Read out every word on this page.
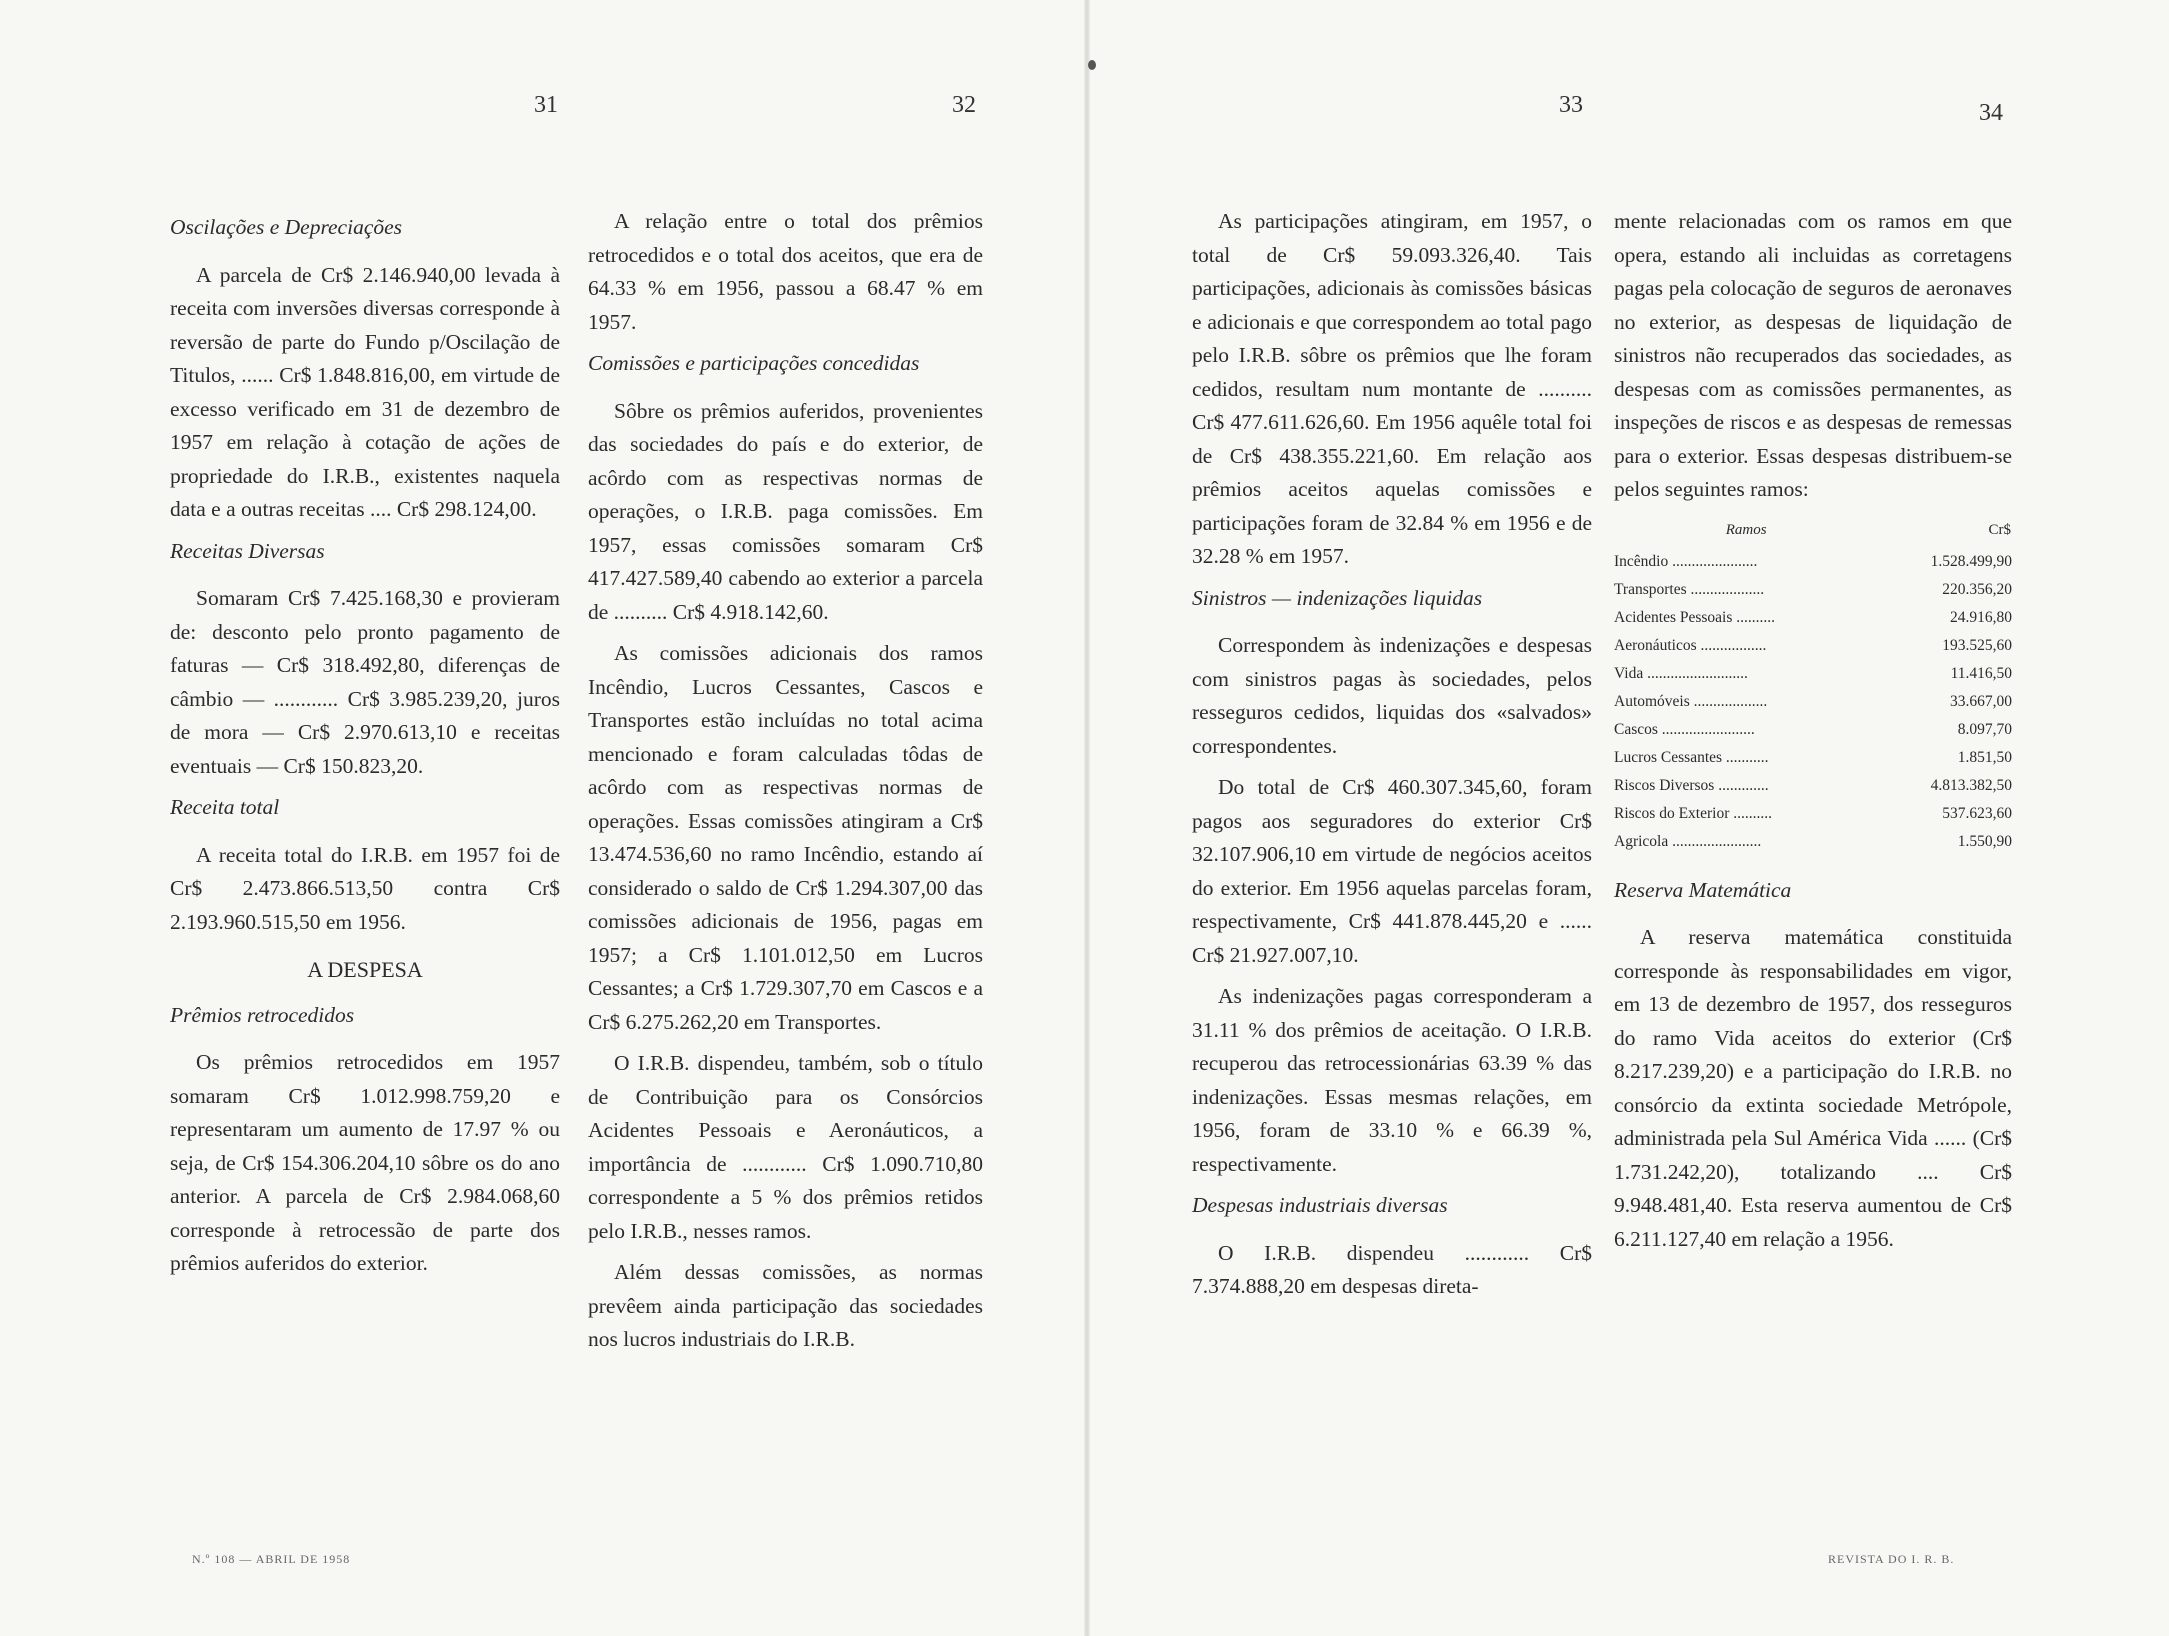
31	32	33	34
Oscilações e Depreciações

A parcela de Cr$ 2.146.940,00 levada à receita com inversões diversas corresponde à reversão de parte do Fundo p/Oscilação de Titulos, ...... Cr$ 1.848.816,00, em virtude de excesso verificado em 31 de dezembro de 1957 em relação à cotação de ações de propriedade do I.R.B., existentes naquela data e a outras receitas .... Cr$ 298.124,00.

Receitas Diversas

Somaram Cr$ 7.425.168,30 e provieram de: desconto pelo pronto pagamento de faturas — Cr$ 318.492,80, diferenças de câmbio — ............ Cr$ 3.985.239,20, juros de mora — Cr$ 2.970.613,10 e receitas eventuais — Cr$ 150.823,20.

Receita total

A receita total do I.R.B. em 1957 foi de Cr$ 2.473.866.513,50 contra Cr$ 2.193.960.515,50 em 1956.

A DESPESA
Prêmios retrocedidos

Os prêmios retrocedidos em 1957 somaram Cr$ 1.012.998.759,20 e representaram um aumento de 17.97 % ou seja, de Cr$ 154.306.204,10 sôbre os do ano anterior. A parcela de Cr$ 2.984.068,60 corresponde à retrocessão de parte dos prêmios auferidos do exterior.

A relação entre o total dos prêmios retrocedidos e o total dos aceitos, que era de 64.33 % em 1956, passou a 68.47 % em 1957.

Comissões e participações concedidas

Sôbre os prêmios auferidos, provenientes das sociedades do país e do exterior, de acôrdo com as respectivas normas de operações, o I.R.B. paga comissões. Em 1957, essas comissões somaram Cr$ 417.427.589,40 cabendo ao exterior a parcela de .......... Cr$ 4.918.142,60.

As comissões adicionais dos ramos Incêndio, Lucros Cessantes, Cascos e Transportes estão incluídas no total acima mencionado e foram calculadas tôdas de acôrdo com as respectivas normas de operações. Essas comissões atingiram a Cr$ 13.474.536,60 no ramo Incêndio, estando aí considerado o saldo de Cr$ 1.294.307,00 das comissões adicionais de 1956, pagas em 1957; a Cr$ 1.101.012,50 em Lucros Cessantes; a Cr$ 1.729.307,70 em Cascos e a Cr$ 6.275.262,20 em Transportes.

O I.R.B. dispendeu, também, sob o título de Contribuição para os Consórcios Acidentes Pessoais e Aeronáuticos, a importância de ............ Cr$ 1.090.710,80 correspondente a 5 % dos prêmios retidos pelo I.R.B., nesses ramos.

Além dessas comissões, as normas prevêem ainda participação das sociedades nos lucros industriais do I.R.B.

As participações atingiram, em 1957, o total de Cr$ 59.093.326,40. Tais participações, adicionais às comissões básicas e adicionais e que correspondem ao total pago pelo I.R.B. sôbre os prêmios que lhe foram cedidos, resultam num montante de .......... Cr$ 477.611.626,60. Em 1956 aquêle total foi de Cr$ 438.355.221,60. Em relação aos prêmios aceitos aquelas comissões e participações foram de 32.84 % em 1956 e de 32.28 % em 1957.

Sinistros — indenizações liquidas

Correspondem às indenizações e despesas com sinistros pagas às sociedades, pelos resseguros cedidos, liquidas dos «salvados» correspondentes.

Do total de Cr$ 460.307.345,60, foram pagos aos seguradores do exterior Cr$ 32.107.906,10 em virtude de negócios aceitos do exterior. Em 1956 aquelas parcelas foram, respectivamente, Cr$ 441.878.445,20 e ...... Cr$ 21.927.007,10.

As indenizações pagas corresponderam a 31.11 % dos prêmios de aceitação. O I.R.B. recuperou das retrocessionárias 63.39 % das indenizações. Essas mesmas relações, em 1956, foram de 33.10 % e 66.39 %, respectivamente.

Despesas industriais diversas

O I.R.B. dispendeu ............ Cr$ 7.374.888,20 em despesas direta-

mente relacionadas com os ramos em que opera, estando ali incluidas as corretagens pagas pela colocação de seguros de aeronaves no exterior, as despesas de liquidação de sinistros não recuperados das sociedades, as despesas com as comissões permanentes, as inspeções de riscos e as despesas de remessas para o exterior. Essas despesas distribuem-se pelos seguintes ramos:

Ramos	Cr$
Incêndio ......................	1.528.499,90
Transportes ...................	220.356,20
Acidentes Pessoais ..........	24.916,80
Aeronáuticos .................	193.525,60
Vida ..........................	11.416,50
Automóveis ...................	33.667,00
Cascos ........................	8.097,70
Lucros Cessantes ...........	1.851,50
Riscos Diversos .............	4.813.382,50
Riscos do Exterior ..........	537.623,60
Agricola .......................	1.550,90
Reserva Matemática

A reserva matemática constituida corresponde às responsabilidades em vigor, em 13 de dezembro de 1957, dos resseguros do ramo Vida aceitos do exterior (Cr$ 8.217.239,20) e a participação do I.R.B. no consórcio da extinta sociedade Metrópole, administrada pela Sul América Vida ...... (Cr$ 1.731.242,20), totalizando .... Cr$ 9.948.481,40. Esta reserva aumentou de Cr$ 6.211.127,40 em relação a 1956.

N.º 108 — ABRIL DE 1958	REVISTA DO I. R. B.
